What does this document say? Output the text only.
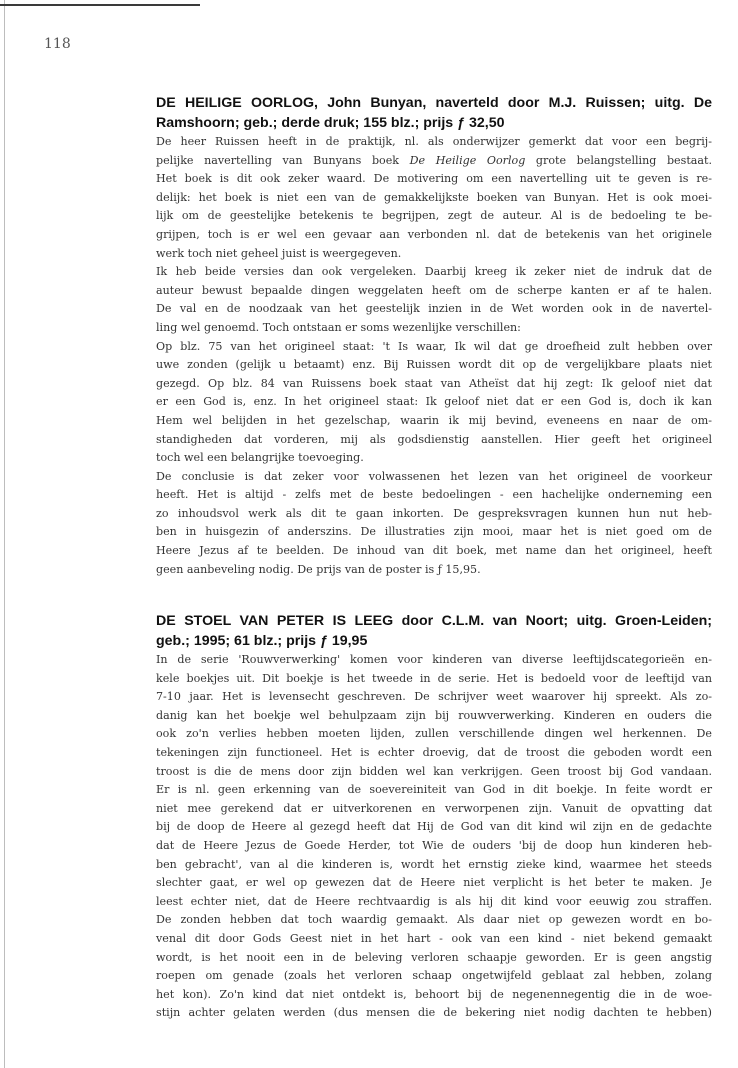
118
DE HEILIGE OORLOG, John Bunyan, naverteld door M.J. Ruissen; uitg. De
Ramshoorn; geb.; derde druk; 155 blz.; prijs ƒ 32,50
De heer Ruissen heeft in de praktijk, nl. als onderwijzer gemerkt dat voor een begrij-
pelijke navertelling van Bunyans boek De Heilige Oorlog grote belangstelling bestaat.
Het boek is dit ook zeker waard. De motivering om een navertelling uit te geven is re-
delijk: het boek is niet een van de gemakkelijkste boeken van Bunyan. Het is ook moei-
lijk om de geestelijke betekenis te begrijpen, zegt de auteur. Al is de bedoeling te be-
grijpen, toch is er wel een gevaar aan verbonden nl. dat de betekenis van het originele
werk toch niet geheel juist is weergegeven.
Ik heb beide versies dan ook vergeleken. Daarbij kreeg ik zeker niet de indruk dat de
auteur bewust bepaalde dingen weggelaten heeft om de scherpe kanten er af te halen.
De val en de noodzaak van het geestelijk inzien in de Wet worden ook in de navertel-
ling wel genoemd. Toch ontstaan er soms wezenlijke verschillen:
Op blz. 75 van het origineel staat: 't Is waar, Ik wil dat ge droefheid zult hebben over
uwe zonden (gelijk u betaamt) enz. Bij Ruissen wordt dit op de vergelijkbare plaats niet
gezegd. Op blz. 84 van Ruissens boek staat van Atheïst dat hij zegt: Ik geloof niet dat
er een God is, enz. In het origineel staat: Ik geloof niet dat er een God is, doch ik kan
Hem wel belijden in het gezelschap, waarin ik mij bevind, eveneens en naar de om-
standigheden dat vorderen, mij als godsdienstig aanstellen. Hier geeft het origineel
toch wel een belangrijke toevoeging.
De conclusie is dat zeker voor volwassenen het lezen van het origineel de voorkeur
heeft. Het is altijd - zelfs met de beste bedoelingen - een hachelijke onderneming een
zo inhoudsvol werk als dit te gaan inkorten. De gespreksvragen kunnen hun nut heb-
ben in huisgezin of anderszins. De illustraties zijn mooi, maar het is niet goed om de
Heere Jezus af te beelden. De inhoud van dit boek, met name dan het origineel, heeft
geen aanbeveling nodig. De prijs van de poster is ƒ 15,95.
DE STOEL VAN PETER IS LEEG door C.L.M. van Noort; uitg. Groen-Leiden;
geb.; 1995; 61 blz.; prijs ƒ 19,95
In de serie 'Rouwverwerking' komen voor kinderen van diverse leeftijdscategorieën en-
kele boekjes uit. Dit boekje is het tweede in de serie. Het is bedoeld voor de leeftijd van
7-10 jaar. Het is levensecht geschreven. De schrijver weet waarover hij spreekt. Als zo-
danig kan het boekje wel behulpzaam zijn bij rouwverwerking. Kinderen en ouders die
ook zo'n verlies hebben moeten lijden, zullen verschillende dingen wel herkennen. De
tekeningen zijn functioneel. Het is echter droevig, dat de troost die geboden wordt een
troost is die de mens door zijn bidden wel kan verkrijgen. Geen troost bij God vandaan.
Er is nl. geen erkenning van de soevereiniteit van God in dit boekje. In feite wordt er
niet mee gerekend dat er uitverkorenen en verworpenen zijn. Vanuit de opvatting dat
bij de doop de Heere al gezegd heeft dat Hij de God van dit kind wil zijn en de gedachte
dat de Heere Jezus de Goede Herder, tot Wie de ouders 'bij de doop hun kinderen heb-
ben gebracht', van al die kinderen is, wordt het ernstig zieke kind, waarmee het steeds
slechter gaat, er wel op gewezen dat de Heere niet verplicht is het beter te maken. Je
leest echter niet, dat de Heere rechtvaardig is als hij dit kind voor eeuwig zou straffen.
De zonden hebben dat toch waardig gemaakt. Als daar niet op gewezen wordt en bo-
venal dit door Gods Geest niet in het hart - ook van een kind - niet bekend gemaakt
wordt, is het nooit een in de beleving verloren schaapje geworden. Er is geen angstig
roepen om genade (zoals het verloren schaap ongetwijfeld geblaat zal hebben, zolang
het kon). Zo'n kind dat niet ontdekt is, behoort bij de negenennegentig die in de woe-
stijn achter gelaten werden (dus mensen die de bekering niet nodig dachten te hebben)
